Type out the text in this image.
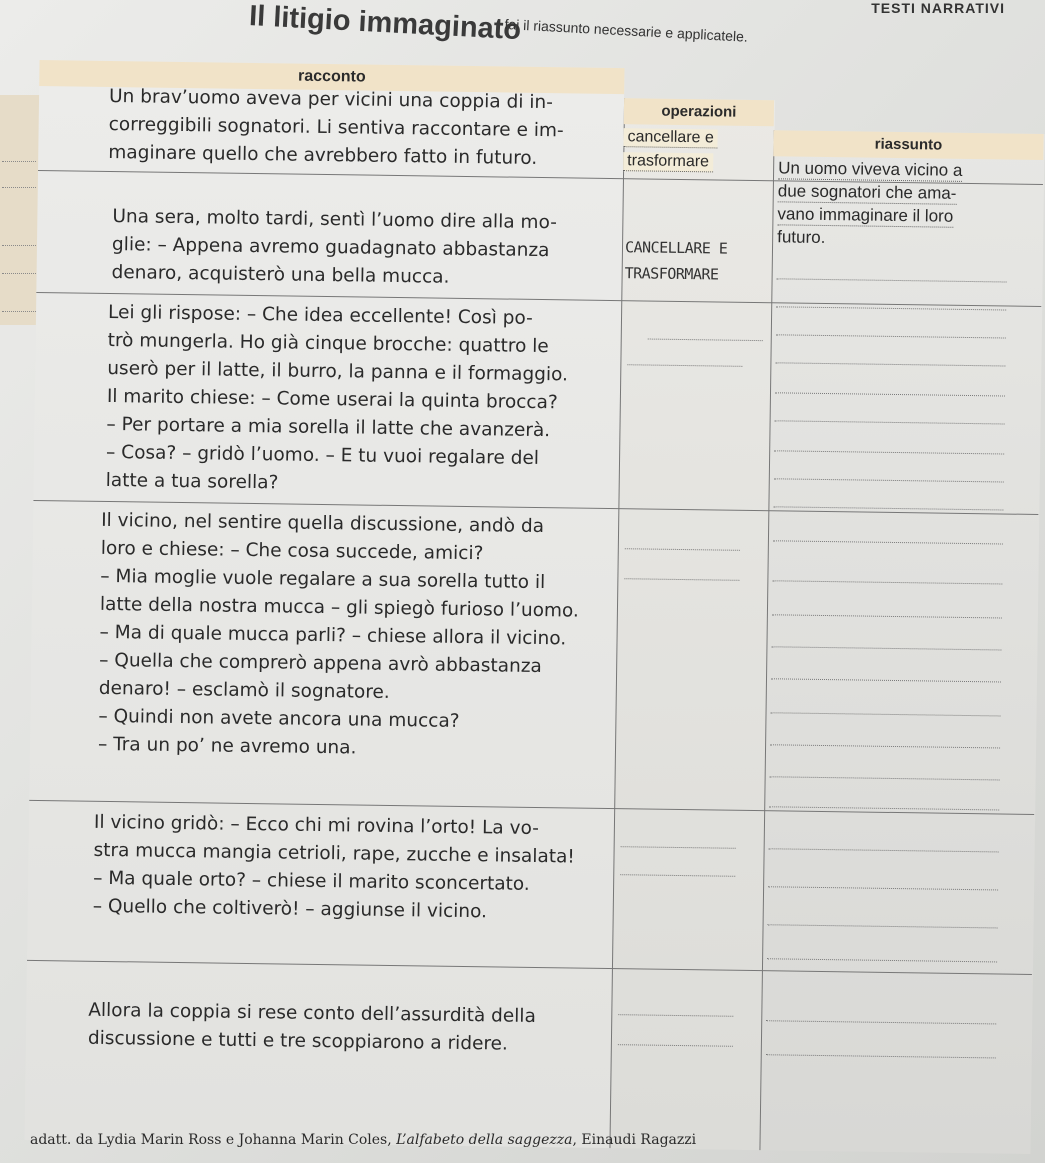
TESTI NARRATIVI
Il litigio immaginato
fai il riassunto necessarie e applicatele.
racconto
operazioni
riassunto
Un brav’uomo aveva per vicini una coppia di in-
correggibili sognatori. Li sentiva raccontare e im-
maginare quello che avrebbero fatto in futuro.
Una sera, molto tardi, sentì l’uomo dire alla mo-
glie: – Appena avremo guadagnato abbastanza
denaro, acquisterò una bella mucca.
Lei gli rispose: – Che idea eccellente! Così po-
trò mungerla. Ho già cinque brocche: quattro le
userò per il latte, il burro, la panna e il formaggio.
Il marito chiese: – Come userai la quinta brocca?
– Per portare a mia sorella il latte che avanzerà.
– Cosa? – gridò l’uomo. – E tu vuoi regalare del
latte a tua sorella?
Il vicino, nel sentire quella discussione, andò da
loro e chiese: – Che cosa succede, amici?
– Mia moglie vuole regalare a sua sorella tutto il
latte della nostra mucca – gli spiegò furioso l’uomo.
– Ma di quale mucca parli? – chiese allora il vicino.
– Quella che comprerò appena avrò abbastanza
denaro! – esclamò il sognatore.
– Quindi non avete ancora una mucca?
– Tra un po’ ne avremo una.
Il vicino gridò: – Ecco chi mi rovina l’orto! La vo-
stra mucca mangia cetrioli, rape, zucche e insalata!
– Ma quale orto? – chiese il marito sconcertato.
– Quello che coltiverò! – aggiunse il vicino.
Allora la coppia si rese conto dell’assurdità della
discussione e tutti e tre scoppiarono a ridere.
cancellare e
trasformare
CANCELLARE E
TRASFORMARE
Un uomo viveva vicino a
due sognatori che ama-
vano immaginare il loro
futuro.
adatt. da Lydia Marin Ross e Johanna Marin Coles, L’alfabeto della saggezza, Einaudi Ragazzi
